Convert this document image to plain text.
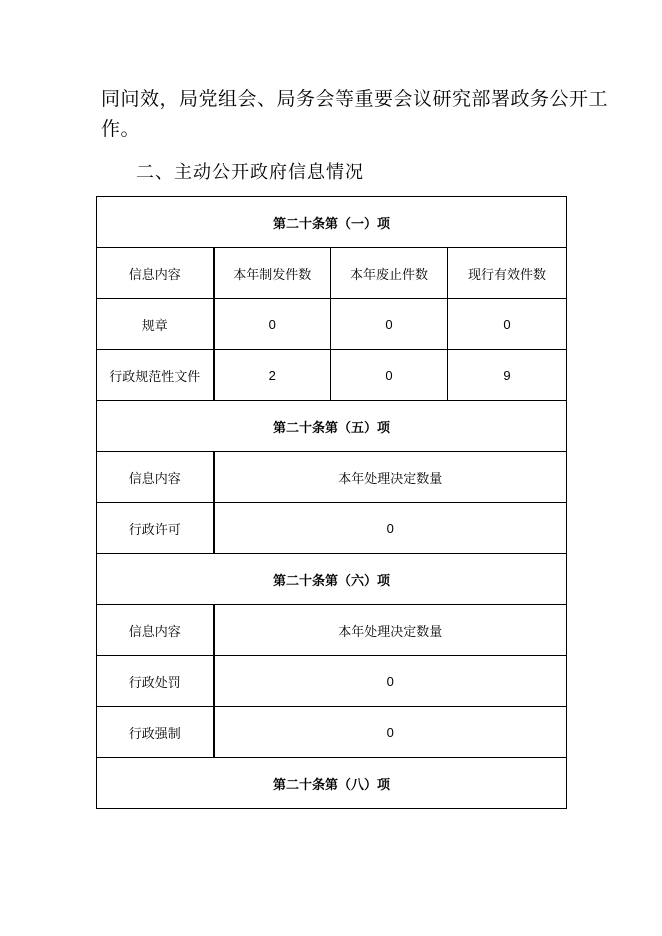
同问效，局党组会、局务会等重要会议研究部署政务公开工
作。

二、主动公开政府信息情况
第二十条第（一）项			
信息内容	本年制发件数	本年废止件数	现行有效件数
规章	0	0	0
行政规范性文件	2	0	9
第二十条第（五）项			
信息内容	本年处理决定数量		
行政许可	0		
第二十条第（六）项			
信息内容	本年处理决定数量		
行政处罚	0		
行政强制	0		
第二十条第（八）项			
